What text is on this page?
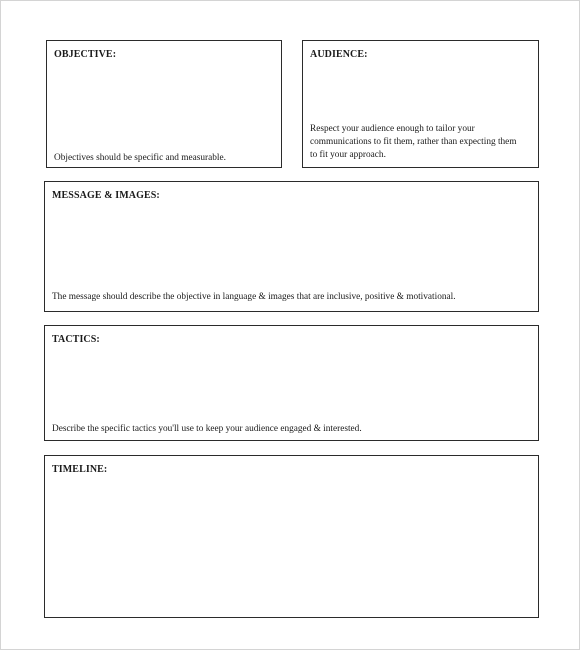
OBJECTIVE:
Objectives should be specific and measurable.
AUDIENCE:
Respect your audience enough to tailor your communications to fit them, rather than expecting them to fit your approach.
MESSAGE & IMAGES:
The message should describe the objective in language & images that are inclusive, positive & motivational.
TACTICS:
Describe the specific tactics you'll use to keep your audience engaged & interested.
TIMELINE:
